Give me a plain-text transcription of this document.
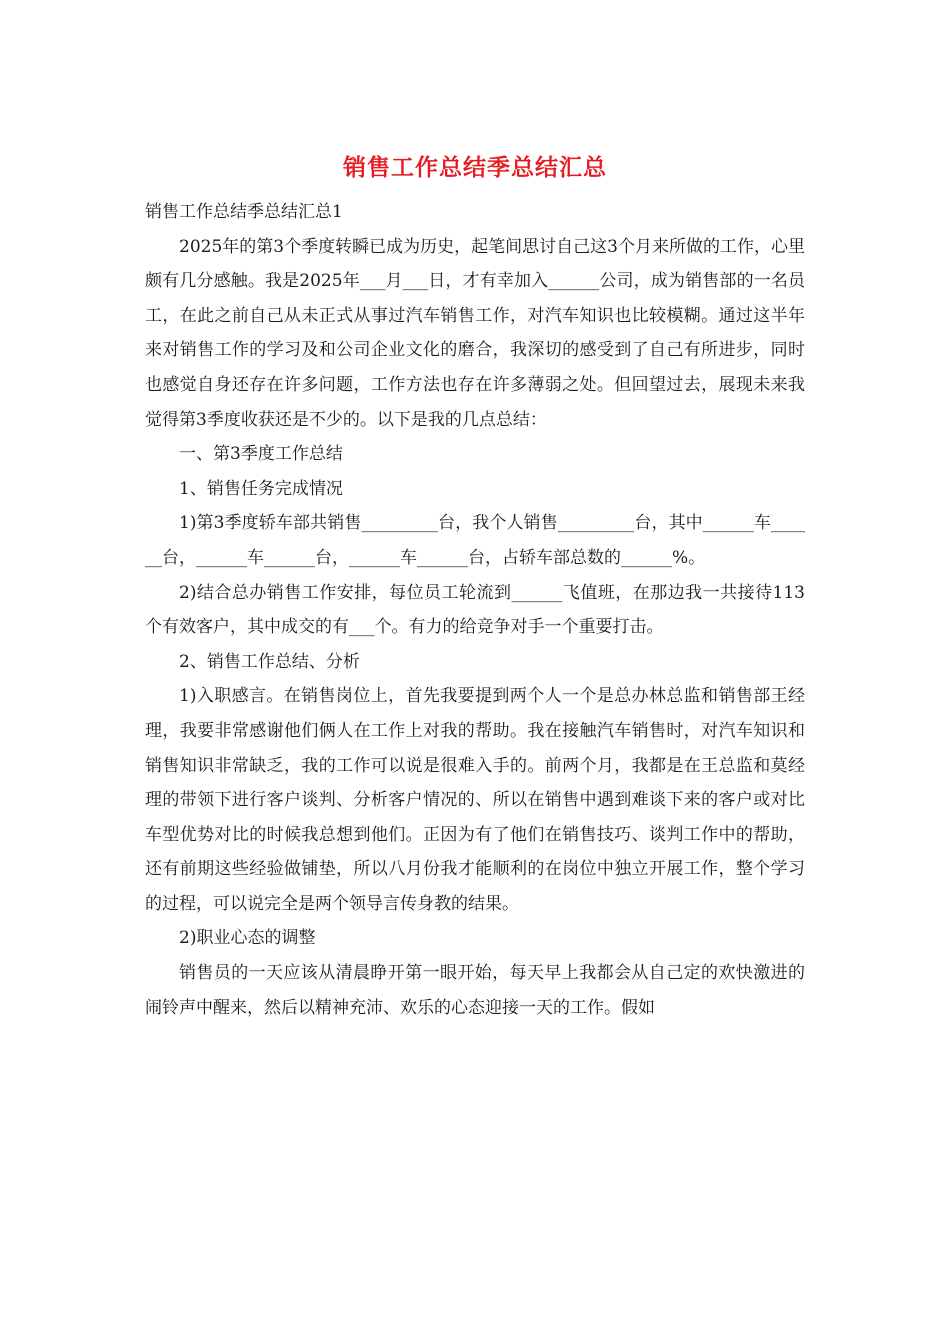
销售工作总结季总结汇总

销售工作总结季总结汇总1

2025年的第3个季度转瞬已成为历史，起笔间思讨自己这3个月来所做的工作，心里颇有几分感触。我是2025年___月___日，才有幸加入______公司，成为销售部的一名员工，在此之前自己从未正式从事过汽车销售工作，对汽车知识也比较模糊。通过这半年来对销售工作的学习及和公司企业文化的磨合，我深切的感受到了自己有所进步，同时也感觉自身还存在许多问题，工作方法也存在许多薄弱之处。但回望过去，展现未来我觉得第3季度收获还是不少的。以下是我的几点总结：

一、第3季度工作总结

1、销售任务完成情况

1)第3季度轿车部共销售_________台，我个人销售_________台，其中______车______台，______车______台，______车______台，占轿车部总数的______%。

2)结合总办销售工作安排，每位员工轮流到______飞值班，在那边我一共接待113个有效客户，其中成交的有___个。有力的给竞争对手一个重要打击。

2、销售工作总结、分析

1)入职感言。在销售岗位上，首先我要提到两个人一个是总办林总监和销售部王经理，我要非常感谢他们俩人在工作上对我的帮助。我在接触汽车销售时，对汽车知识和销售知识非常缺乏，我的工作可以说是很难入手的。前两个月，我都是在王总监和莫经理的带领下进行客户谈判、分析客户情况的、所以在销售中遇到难谈下来的客户或对比车型优势对比的时候我总想到他们。正因为有了他们在销售技巧、谈判工作中的帮助，还有前期这些经验做铺垫，所以八月份我才能顺利的在岗位中独立开展工作，整个学习的过程，可以说完全是两个领导言传身教的结果。

2)职业心态的调整

销售员的一天应该从清晨睁开第一眼开始，每天早上我都会从自己定的欢快激进的闹铃声中醒来，然后以精神充沛、欢乐的心态迎接一天的工作。假如
